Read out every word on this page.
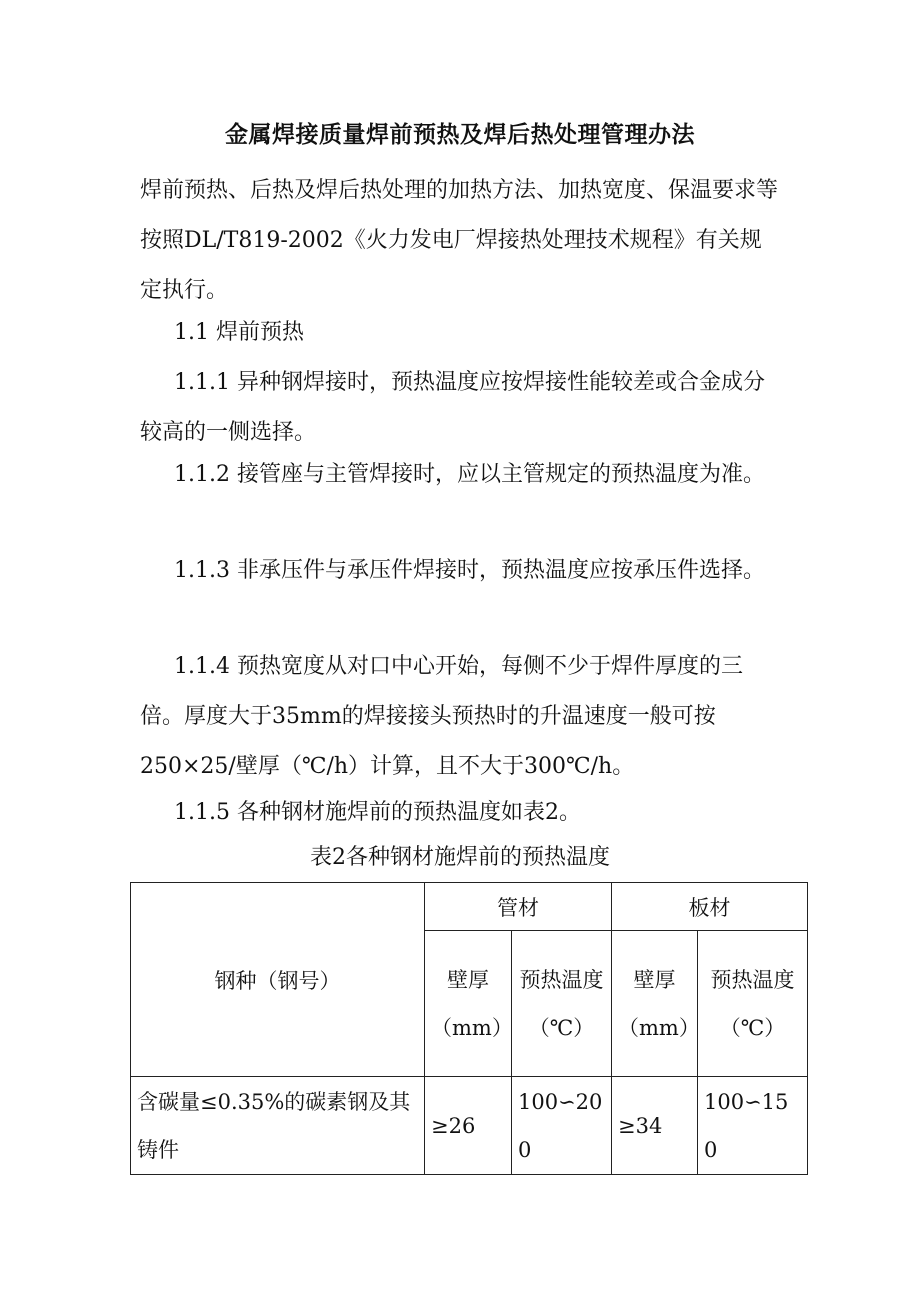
金属焊接质量焊前预热及焊后热处理管理办法

焊前预热、后热及焊后热处理的加热方法、加热宽度、保温要求等按照DL/T819-2002《火力发电厂焊接热处理技术规程》有关规定执行。

1.1 焊前预热

1.1.1 异种钢焊接时，预热温度应按焊接性能较差或合金成分较高的一侧选择。

1.1.2 接管座与主管焊接时，应以主管规定的预热温度为准。

1.1.3 非承压件与承压件焊接时，预热温度应按承压件选择。

1.1.4 预热宽度从对口中心开始，每侧不少于焊件厚度的三倍。厚度大于35mm的焊接接头预热时的升温速度一般可按250×25/壁厚（℃/h）计算，且不大于300℃/h。

1.1.5 各种钢材施焊前的预热温度如表2。

表2各种钢材施焊前的预热温度
钢种（钢号）	管材		板材	

	壁厚（mm）	预热温度（℃）	壁厚（mm）	预热温度（℃）

含碳量≤0.35%的碳素钢及其铸件	≥26	100∽200	≥34	100∽150
